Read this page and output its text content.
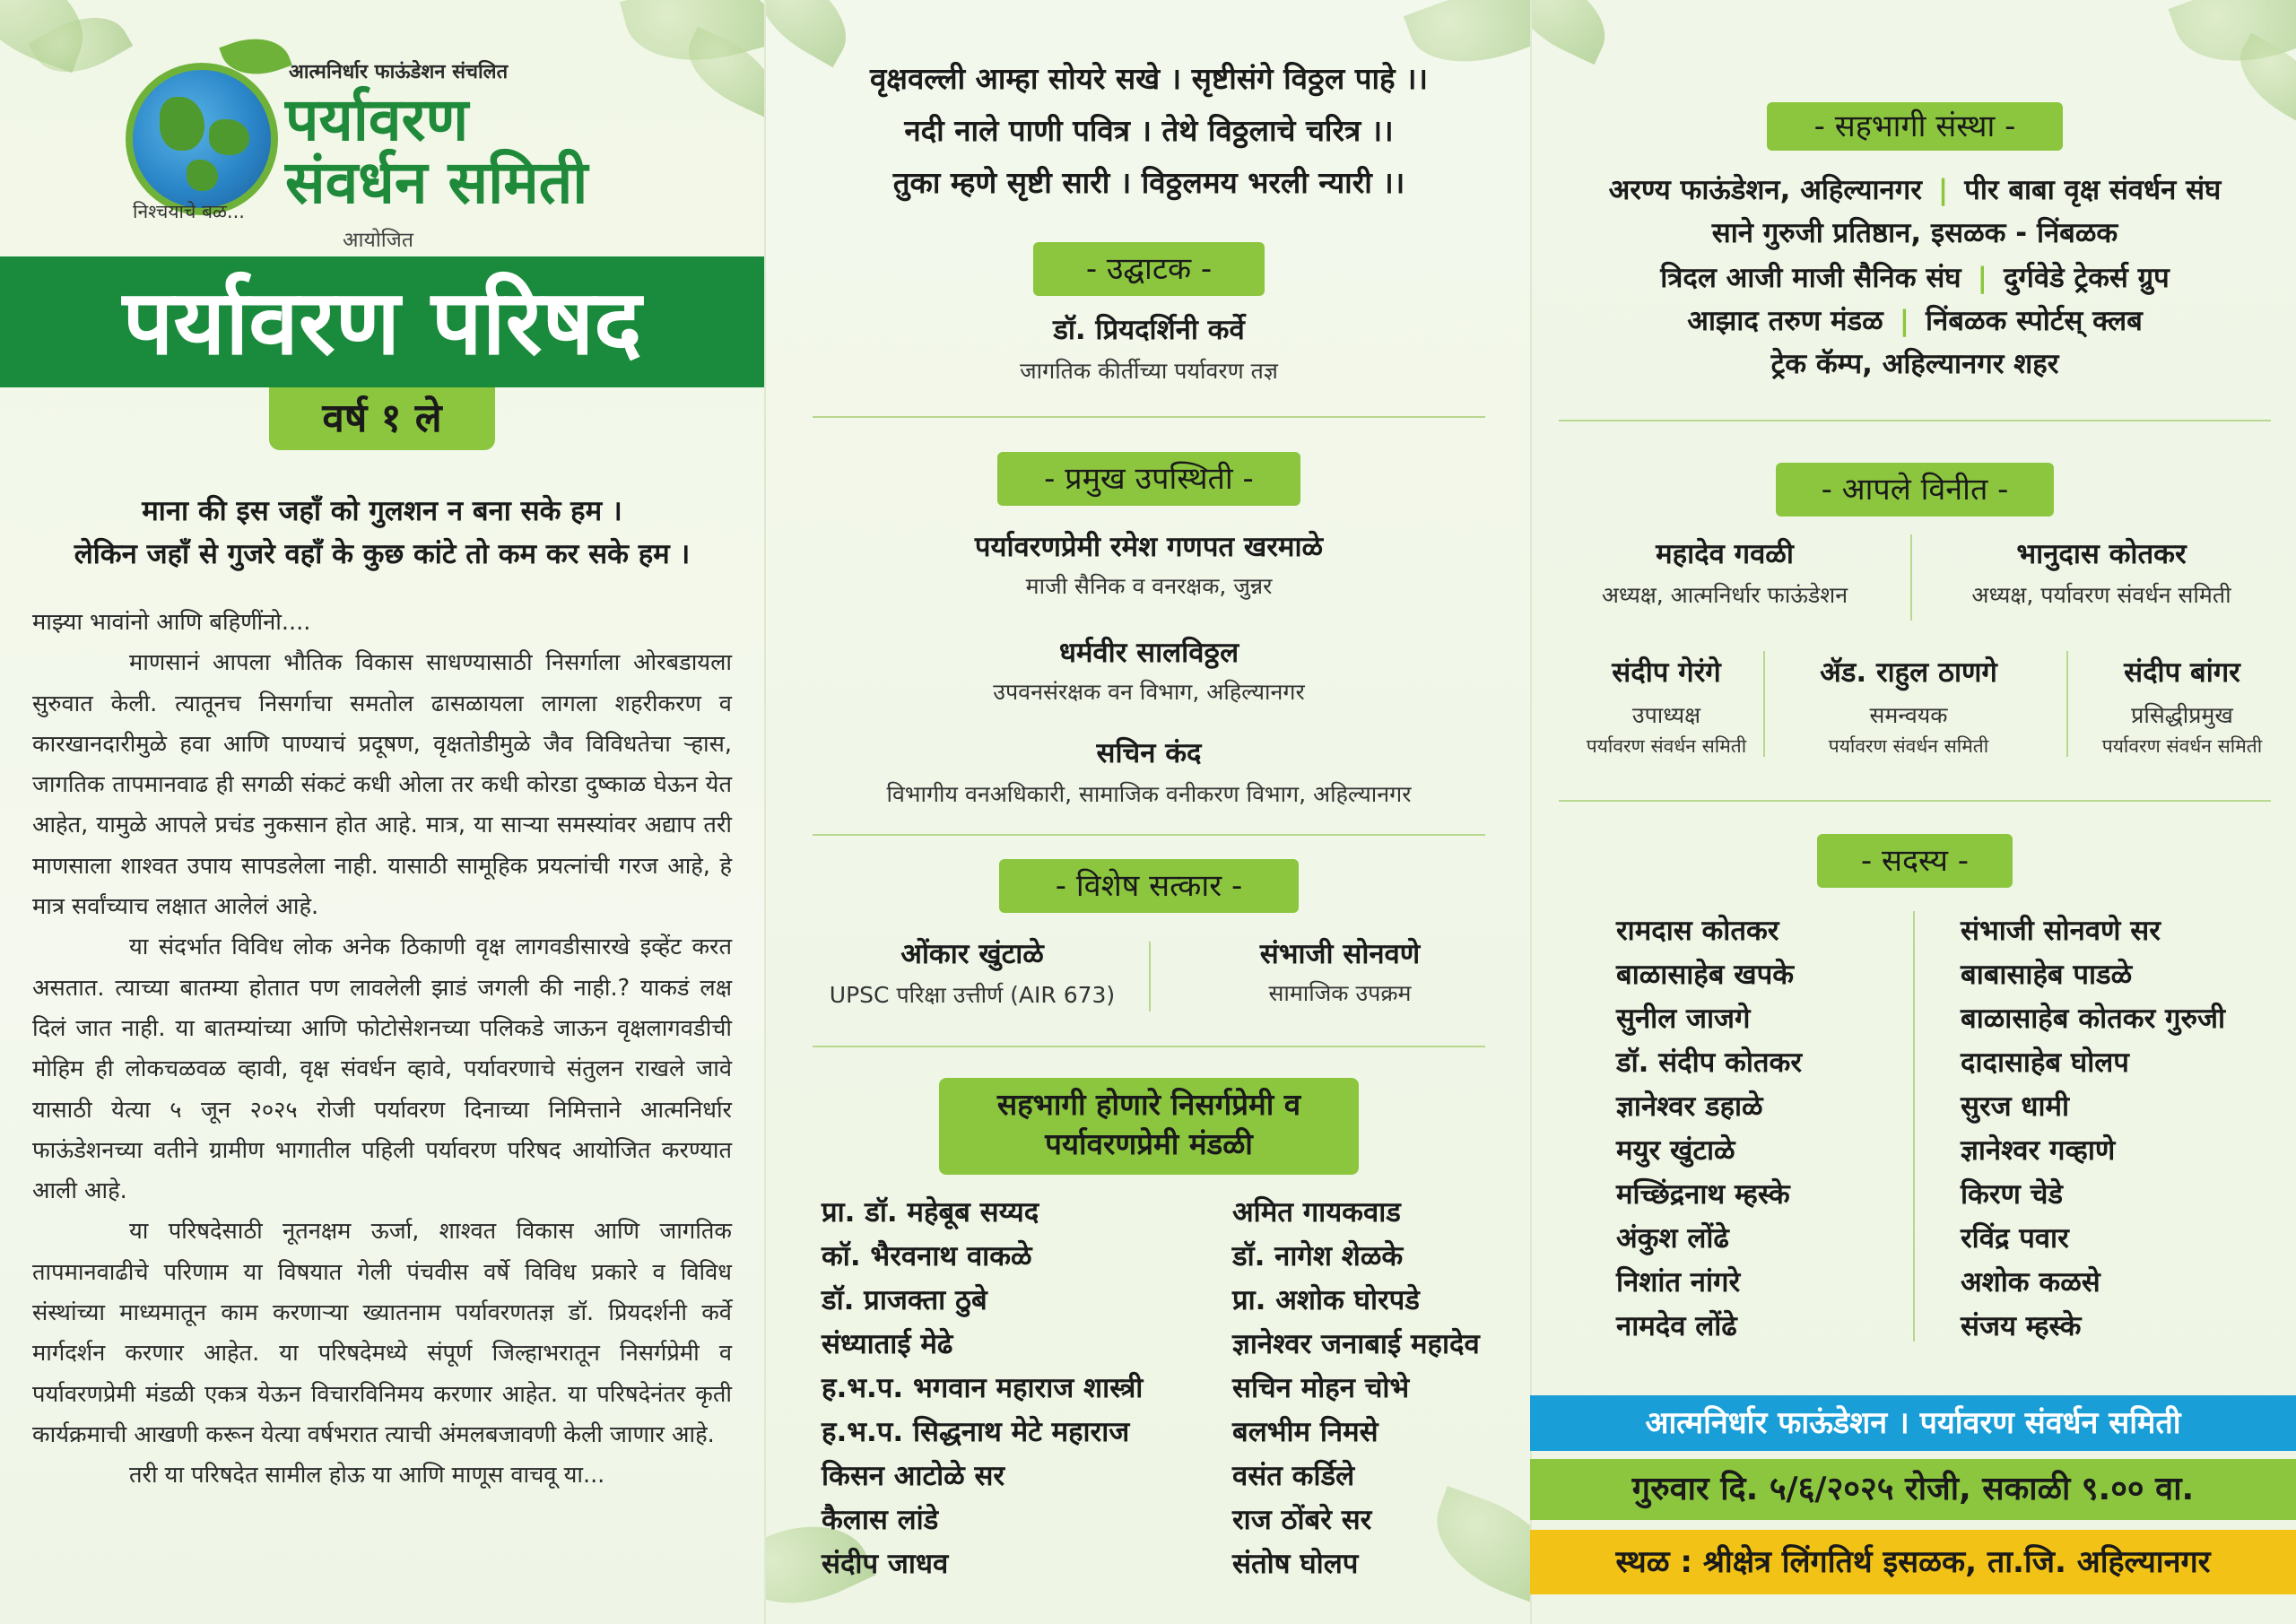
निश्चयाचे बळ...
आत्मनिर्धार फाऊंडेशन संचलित
पर्यावरण
संवर्धन समिती
आयोजित
पर्यावरण परिषद
वर्ष १ ले
माना की इस जहाँ को गुलशन न बना सके हम ।
लेकिन जहाँ से गुजरे वहाँ के कुछ कांटे तो कम कर सके हम ।

माझ्या भावांनो आणि बहिणींनो....

माणसानं आपला भौतिक विकास साधण्यासाठी निसर्गाला ओरबडायला सुरुवात केली. त्यातूनच निसर्गाचा समतोल ढासळायला लागला शहरीकरण व कारखानदारीमुळे हवा आणि पाण्याचं प्रदूषण, वृक्षतोडीमुळे जैव विविधतेचा ऱ्हास, जागतिक तापमानवाढ ही सगळी संकटं कधी ओला तर कधी कोरडा दुष्काळ घेऊन येत आहेत, यामुळे आपले प्रचंड नुकसान होत आहे. मात्र, या साऱ्या समस्यांवर अद्याप तरी माणसाला शाश्वत उपाय सापडलेला नाही. यासाठी सामूहिक प्रयत्नांची गरज आहे, हे मात्र सर्वांच्याच लक्षात आलेलं आहे.

या संदर्भात विविध लोक अनेक ठिकाणी वृक्ष लागवडीसारखे इव्हेंट करत असतात. त्याच्या बातम्या होतात पण लावलेली झाडं जगली की नाही.? याकडं लक्ष दिलं जात नाही. या बातम्यांच्या आणि फोटोसेशनच्या पलिकडे जाऊन वृक्षलागवडीची मोहिम ही लोकचळवळ व्हावी, वृक्ष संवर्धन व्हावे, पर्यावरणाचे संतुलन राखले जावे यासाठी येत्या ५ जून २०२५ रोजी पर्यावरण दिनाच्या निमित्ताने आत्मनिर्धार फाऊंडेशनच्या वतीने ग्रामीण भागातील पहिली पर्यावरण परिषद आयोजित करण्यात आली आहे.

या परिषदेसाठी नूतनक्षम ऊर्जा, शाश्वत विकास आणि जागतिक तापमानवाढीचे परिणाम या विषयात गेली पंचवीस वर्षे विविध प्रकारे व विविध संस्थांच्या माध्यमातून काम करणाऱ्या ख्यातनाम पर्यावरणतज्ञ डॉ. प्रियदर्शनी कर्वे मार्गदर्शन करणार आहेत. या परिषदेमध्ये संपूर्ण जिल्हाभरातून निसर्गप्रेमी व पर्यावरणप्रेमी मंडळी एकत्र येऊन विचारविनिमय करणार आहेत. या परिषदेनंतर कृती कार्यक्रमाची आखणी करून येत्या वर्षभरात त्याची अंमलबजावणी केली जाणार आहे.

तरी या परिषदेत सामील होऊ या आणि माणूस वाचवू या...

वृक्षवल्ली आम्हा सोयरे सखे । सृष्टीसंगे विठ्ठल पाहे ।।
नदी नाले पाणी पवित्र । तेथे विठ्ठलाचे चरित्र ।।
तुका म्हणे सृष्टी सारी । विठ्ठलमय भरली न्यारी ।।
- उद्घाटक -
डॉ. प्रियदर्शिनी कर्वे
जागतिक कीर्तीच्या पर्यावरण तज्ञ
- प्रमुख उपस्थिती -
पर्यावरणप्रेमी रमेश गणपत खरमाळे
माजी सैनिक व वनरक्षक, जुन्नर
धर्मवीर सालविठ्ठल
उपवनसंरक्षक वन विभाग, अहिल्यानगर
सचिन कंद
विभागीय वनअधिकारी, सामाजिक वनीकरण विभाग, अहिल्यानगर
- विशेष सत्कार -
ओंकार खुंटाळे
UPSC परिक्षा उत्तीर्ण (AIR 673)
संभाजी सोनवणे
सामाजिक उपक्रम
सहभागी होणारे निसर्गप्रेमी व
पर्यावरणप्रेमी मंडळी
प्रा. डॉ. महेबूब सय्यद
कॉ. भैरवनाथ वाकळे
डॉ. प्राजक्ता ठुबे
संध्याताई मेढे
ह.भ.प. भगवान महाराज शास्त्री
ह.भ.प. सिद्धनाथ मेटे महाराज
किसन आटोळे सर
कैलास लांडे
संदीप जाधव
अमित गायकवाड
डॉ. नागेश शेळके
प्रा. अशोक घोरपडे
ज्ञानेश्वर जनाबाई महादेव
सचिन मोहन चोभे
बलभीम निमसे
वसंत कर्डिले
राज ठोंबरे सर
संतोष घोलप
- सहभागी संस्था -
अरण्य फाऊंडेशन, अहिल्यानगर | पीर बाबा वृक्ष संवर्धन संघ
साने गुरुजी प्रतिष्ठान, इसळक - निंबळक
त्रिदल आजी माजी सैनिक संघ | दुर्गवेडे ट्रेकर्स ग्रुप
आझाद तरुण मंडळ | निंबळक स्पोर्टस् क्लब
ट्रेक कॅम्प, अहिल्यानगर शहर
- आपले विनीत -
महादेव गवळी
अध्यक्ष, आत्मनिर्धार फाऊंडेशन
भानुदास कोतकर
अध्यक्ष, पर्यावरण संवर्धन समिती
संदीप गेरंगे
उपाध्यक्ष
पर्यावरण संवर्धन समिती
ॲड. राहुल ठाणगे
समन्वयक
पर्यावरण संवर्धन समिती
संदीप बांगर
प्रसिद्धीप्रमुख
पर्यावरण संवर्धन समिती
- सदस्य -
रामदास कोतकर
बाळासाहेब खपके
सुनील जाजगे
डॉ. संदीप कोतकर
ज्ञानेश्वर डहाळे
मयुर खुंटाळे
मच्छिंद्रनाथ म्हस्के
अंकुश लोंढे
निशांत नांगरे
नामदेव लोंढे
संभाजी सोनवणे सर
बाबासाहेब पाडळे
बाळासाहेब कोतकर गुरुजी
दादासाहेब घोलप
सुरज धामी
ज्ञानेश्वर गव्हाणे
किरण चेडे
रविंद्र पवार
अशोक कळसे
संजय म्हस्के
आत्मनिर्धार फाऊंडेशन । पर्यावरण संवर्धन समिती
गुरुवार दि. ५/६/२०२५ रोजी, सकाळी ९.०० वा.
स्थळ : श्रीक्षेत्र लिंगतिर्थ इसळक, ता.जि. अहिल्यानगर
